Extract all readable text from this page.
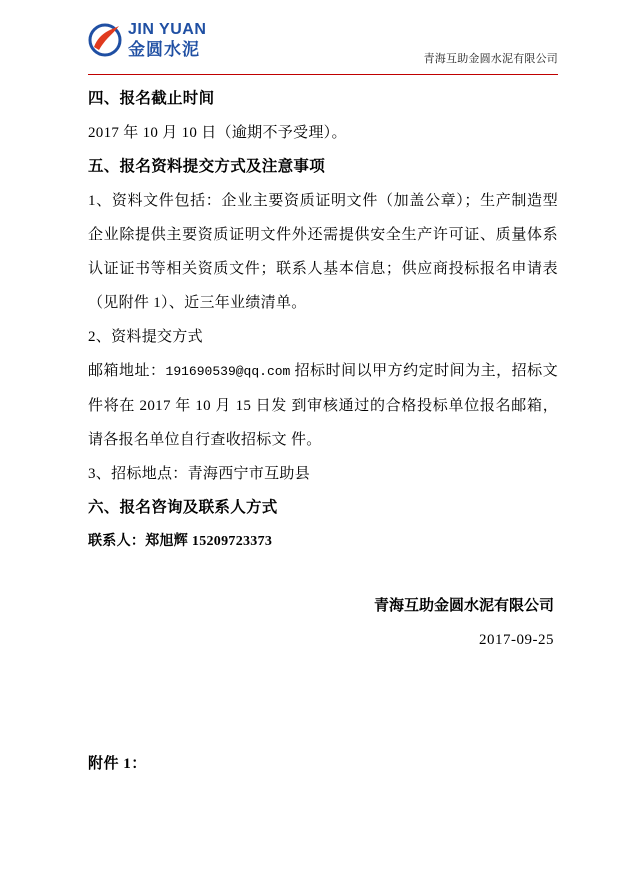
JIN YUAN
金圆水泥	青海互助金圆水泥有限公司

四、报名截止时间

2017 年 10 月 10 日（逾期不予受理）。

五、报名资料提交方式及注意事项

1、资料文件包括：企业主要资质证明文件（加盖公章）；生产制造型企业除提供主要资质证明文件外还需提供安全生产许可证、质量体系认证证书等相关资质文件；联系人基本信息；供应商投标报名申请表（见附件 1）、近三年业绩清单。

2、资料提交方式

邮箱地址：191690539@qq.com 招标时间以甲方约定时间为主，招标文件将在 2017 年 10 月 15 日发 到审核通过的合格投标单位报名邮箱，请各报名单位自行查收招标文 件。

3、招标地点：青海西宁市互助县

六、报名咨询及联系人方式

联系人：郑旭辉 15209723373

青海互助金圆水泥有限公司
2017-09-25
附件 1：
